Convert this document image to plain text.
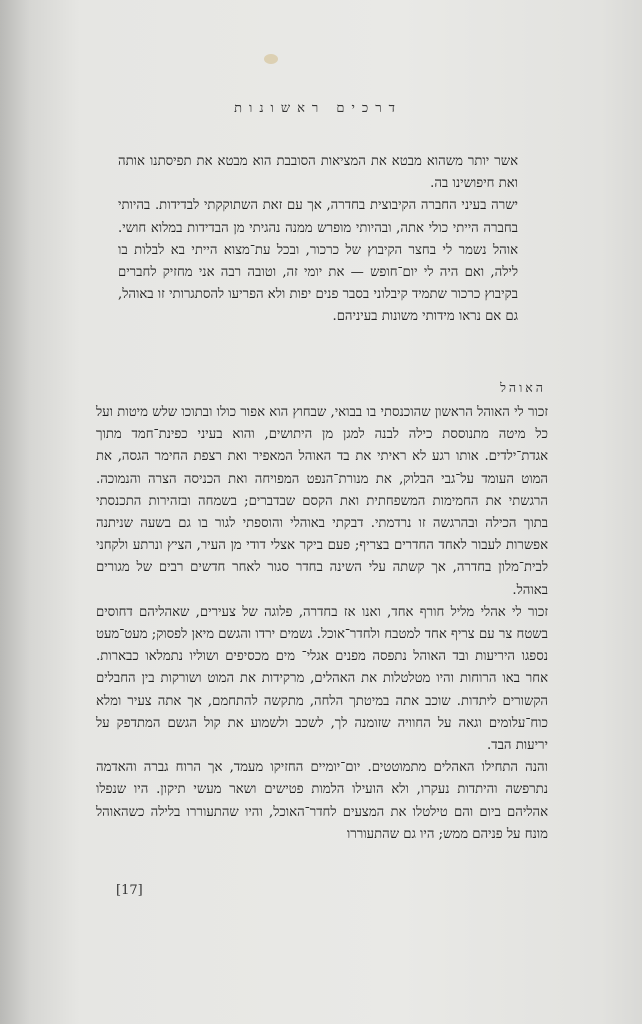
דרכים ראשונות

אשר יותר משהוא מבטא את המציאות הסובבת הוא מבטא את תפיסתנו אותה ואת חיפושינו בה.

ישרה בעיני החברה הקיבוצית בחדרה, אך עם זאת השתוקקתי לבדידות. בהיותי בחברה הייתי כולי אתה, ובהיותי מופרש ממנה נהגיתי מן הבדידות במלוא חושי. אוהל נשמר לי בחצר הקיבוץ של כרכור, ובכל עת־מצוא הייתי בא לבלות בו לילה, ואם היה לי יום־חופש — את יומי זה, וטובה רבה אני מחזיק לחברים בקיבוץ כרכור שתמיד קיבלוני בסבר פנים יפות ולא הפריעו להסתגרותי זו באוהל, גם אם נראו מידותי משונות בעיניהם.

האוהל

זכור לי האוהל הראשון שהוכנסתי בו בבואי, שבחוץ הוא אפור כולו ובתוכו שלש מיטות ועל כל מיטה מתנוססת כילה לבנה למגן מן היתושים, והוא בעיני כפינת־חמד מתוך אגדת־ילדים. אותו רגע לא ראיתי את בד האוהל המאפיר ואת רצפת החימר הגסה, את המוט העומד על־גבי הבלוק, את מנורת־הנפט המפויחה ואת הכניסה הצרה והנמוכה. הרגשתי את החמימות המשפחתית ואת הקסם שבדברים; בשמחה ובזהירות התכנסתי בתוך הכילה ובהרגשה זו נרדמתי. דבקתי באוהלי והוספתי לגור בו גם בשעה שניתנה אפשרות לעבור לאחד החדרים בצריף; פעם ביקר אצלי דודי מן העיר, הציץ ונרתע ולקחני לבית־מלון בחדרה, אך קשתה עלי השינה בחדר סגור לאחר חדשים רבים של מגורים באוהל.

זכור לי אהלי מליל חורף אחד, ואנו אז בחדרה, פלוגה של צעירים, שאהליהם דחוסים בשטח צר עם צריף אחד למטבח ולחדר־אוכל. גשמים ירדו והגשם מיאן לפסוק; מעט־מעט נספגו היריעות ובד האוהל נתפסה מפנים אגלי־ מים מכסיפים ושוליו נתמלאו כבארות. אחר באו הרוחות והיו מטלטלות את האהלים, מרקידות את המוט ושורקות בין החבלים הקשורים ליתדות. שוכב אתה במיטתך הלחה, מתקשה להתחמם, אך אתה צעיר ומלא כוח־עלומים וגאה על החוויה שזומנה לך, לשכב ולשמוע את קול הגשם המתדפק על יריעות הבד.

והנה התחילו האהלים מתמוטטים. יום־יומיים החזיקו מעמד, אך הרוח גברה והאדמה נתרפשה והיתדות נעקרו, ולא הועילו הלמות פטישים ושאר מעשי תיקון. היו שנפלו אהליהם ביום והם טילטלו את המצעים לחדר־האוכל, והיו שהתעוררו בלילה כשהאוהל מונח על פניהם ממש; היו גם שהתעוררו

[17]
